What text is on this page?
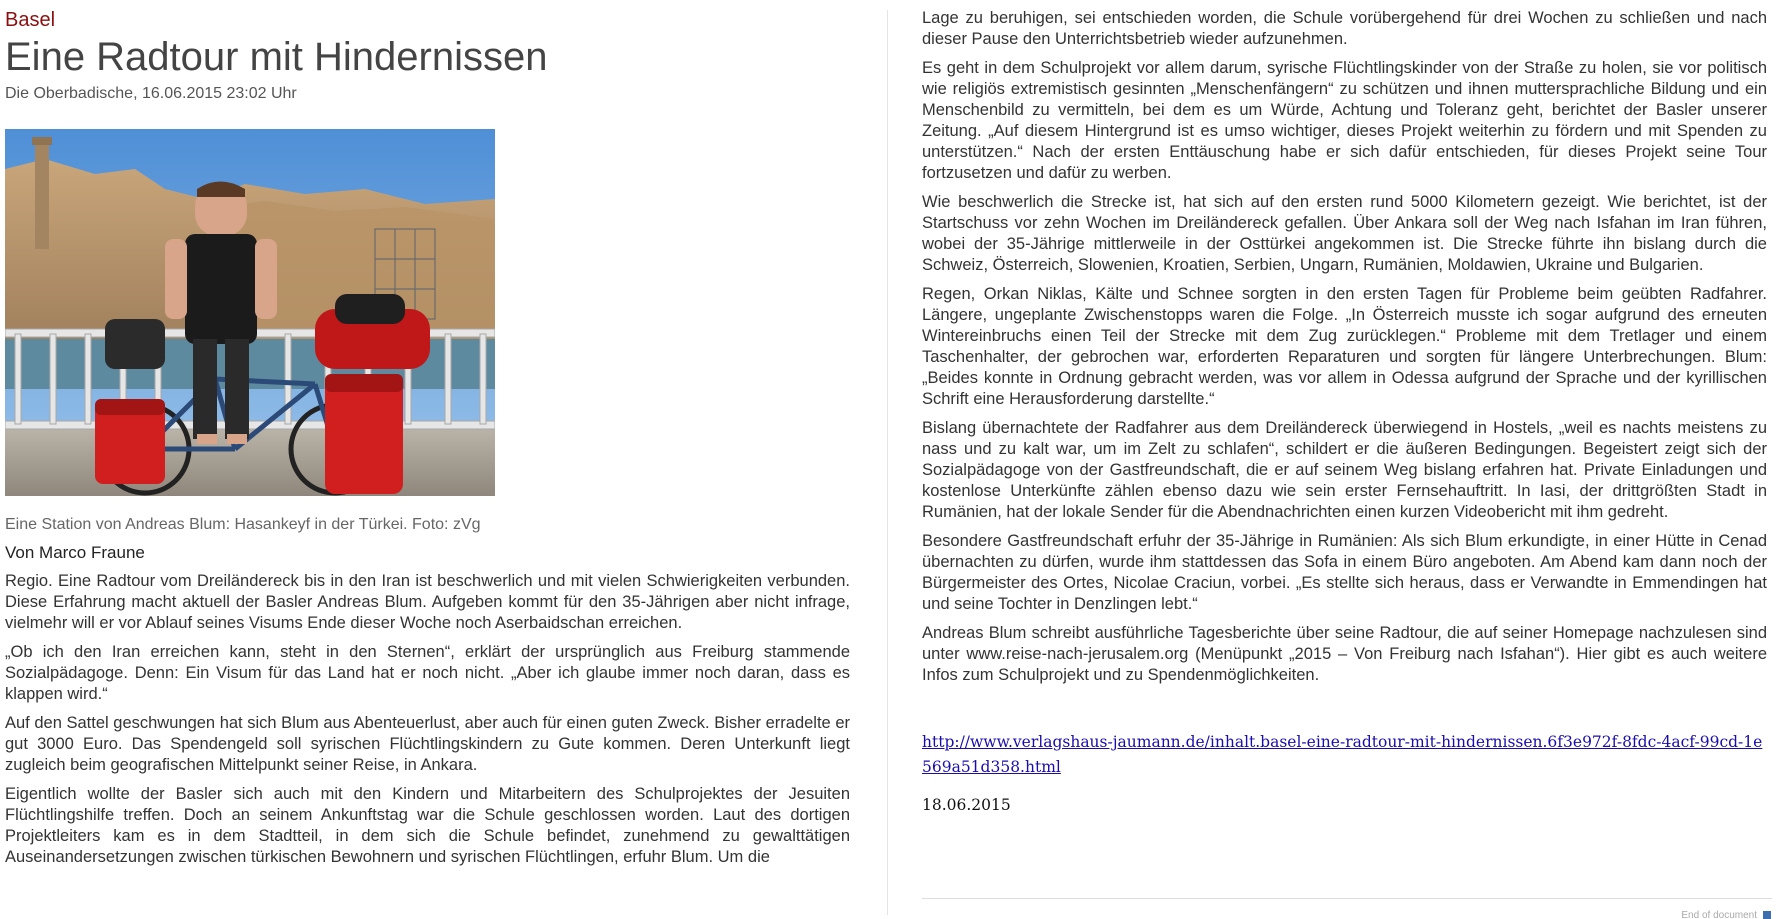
Basel
Eine Radtour mit Hindernissen
Die Oberbadische, 16.06.2015 23:02 Uhr
Eine Station von Andreas Blum: Hasankeyf in der Türkei. Foto: zVg
Von Marco Fraune

Regio. Eine Radtour vom Dreiländereck bis in den Iran ist beschwerlich und mit vielen Schwierigkeiten verbunden. Diese Erfahrung macht aktuell der Basler Andreas Blum. Aufgeben kommt für den 35-Jährigen aber nicht infrage, vielmehr will er vor Ablauf seines Visums Ende dieser Woche noch Aserbaidschan erreichen.

„Ob ich den Iran erreichen kann, steht in den Sternen“, erklärt der ursprünglich aus Freiburg stammende Sozialpädagoge. Denn: Ein Visum für das Land hat er noch nicht. „Aber ich glaube immer noch daran, dass es klappen wird.“

Auf den Sattel geschwungen hat sich Blum aus Abenteuerlust, aber auch für einen guten Zweck. Bisher erradelte er gut 3000 Euro. Das Spendengeld soll syrischen Flüchtlingskindern zu Gute kommen. Deren Unterkunft liegt zugleich beim geografischen Mittelpunkt seiner Reise, in Ankara.

Eigentlich wollte der Basler sich auch mit den Kindern und Mitarbeitern des Schulprojektes der Jesuiten Flüchtlingshilfe treffen. Doch an seinem Ankunftstag war die Schule geschlossen worden. Laut des dortigen Projektleiters kam es in dem Stadtteil, in dem sich die Schule befindet, zunehmend zu gewalttätigen Auseinandersetzungen zwischen türkischen Bewohnern und syrischen Flüchtlingen, erfuhr Blum. Um die

Lage zu beruhigen, sei entschieden worden, die Schule vorübergehend für drei Wochen zu schließen und nach dieser Pause den Unterrichtsbetrieb wieder aufzunehmen.

Es geht in dem Schulprojekt vor allem darum, syrische Flüchtlingskinder von der Straße zu holen, sie vor politisch wie religiös extremistisch gesinnten „Menschenfängern“ zu schützen und ihnen muttersprachliche Bildung und ein Menschenbild zu vermitteln, bei dem es um Würde, Achtung und Toleranz geht, berichtet der Basler unserer Zeitung. „Auf diesem Hintergrund ist es umso wichtiger, dieses Projekt weiterhin zu fördern und mit Spenden zu unterstützen.“ Nach der ersten Enttäuschung habe er sich dafür entschieden, für dieses Projekt seine Tour fortzusetzen und dafür zu werben.

Wie beschwerlich die Strecke ist, hat sich auf den ersten rund 5000 Kilometern gezeigt. Wie berichtet, ist der Startschuss vor zehn Wochen im Dreiländereck gefallen. Über Ankara soll der Weg nach Isfahan im Iran führen, wobei der 35-Jährige mittlerweile in der Osttürkei angekommen ist. Die Strecke führte ihn bislang durch die Schweiz, Österreich, Slowenien, Kroatien, Serbien, Ungarn, Rumänien, Moldawien, Ukraine und Bulgarien.

Regen, Orkan Niklas, Kälte und Schnee sorgten in den ersten Tagen für Probleme beim geübten Radfahrer. Längere, ungeplante Zwischenstopps waren die Folge. „In Österreich musste ich sogar aufgrund des erneuten Wintereinbruchs einen Teil der Strecke mit dem Zug zurücklegen.“ Probleme mit dem Tretlager und einem Taschenhalter, der gebrochen war, erforderten Reparaturen und sorgten für längere Unterbrechungen. Blum: „Beides konnte in Ordnung gebracht werden, was vor allem in Odessa aufgrund der Sprache und der kyrillischen Schrift eine Herausforderung darstellte.“

Bislang übernachtete der Radfahrer aus dem Dreiländereck überwiegend in Hostels, „weil es nachts meistens zu nass und zu kalt war, um im Zelt zu schlafen“, schildert er die äußeren Bedingungen. Begeistert zeigt sich der Sozialpädagoge von der Gastfreundschaft, die er auf seinem Weg bislang erfahren hat. Private Einladungen und kostenlose Unterkünfte zählen ebenso dazu wie sein erster Fernsehauftritt. In Iasi, der drittgrößten Stadt in Rumänien, hat der lokale Sender für die Abendnachrichten einen kurzen Videobericht mit ihm gedreht.

Besondere Gastfreundschaft erfuhr der 35-Jährige in Rumänien: Als sich Blum erkundigte, in einer Hütte in Cenad übernachten zu dürfen, wurde ihm stattdessen das Sofa in einem Büro angeboten. Am Abend kam dann noch der Bürgermeister des Ortes, Nicolae Craciun, vorbei. „Es stellte sich heraus, dass er Verwandte in Emmendingen hat und seine Tochter in Denzlingen lebt.“

Andreas Blum schreibt ausführliche Tagesberichte über seine Radtour, die auf seiner Homepage nachzulesen sind unter www.reise-nach-jerusalem.org (Menüpunkt „2015 – Von Freiburg nach Isfahan“). Hier gibt es auch weitere Infos zum Schulprojekt und zu Spendenmöglichkeiten.

http://www.verlagshaus-jaumann.de/inhalt.basel-eine-radtour-mit-hindernissen.6f3e972f-8fdc-4acf-99cd-1e569a51d358.html
18.06.2015
End of document
